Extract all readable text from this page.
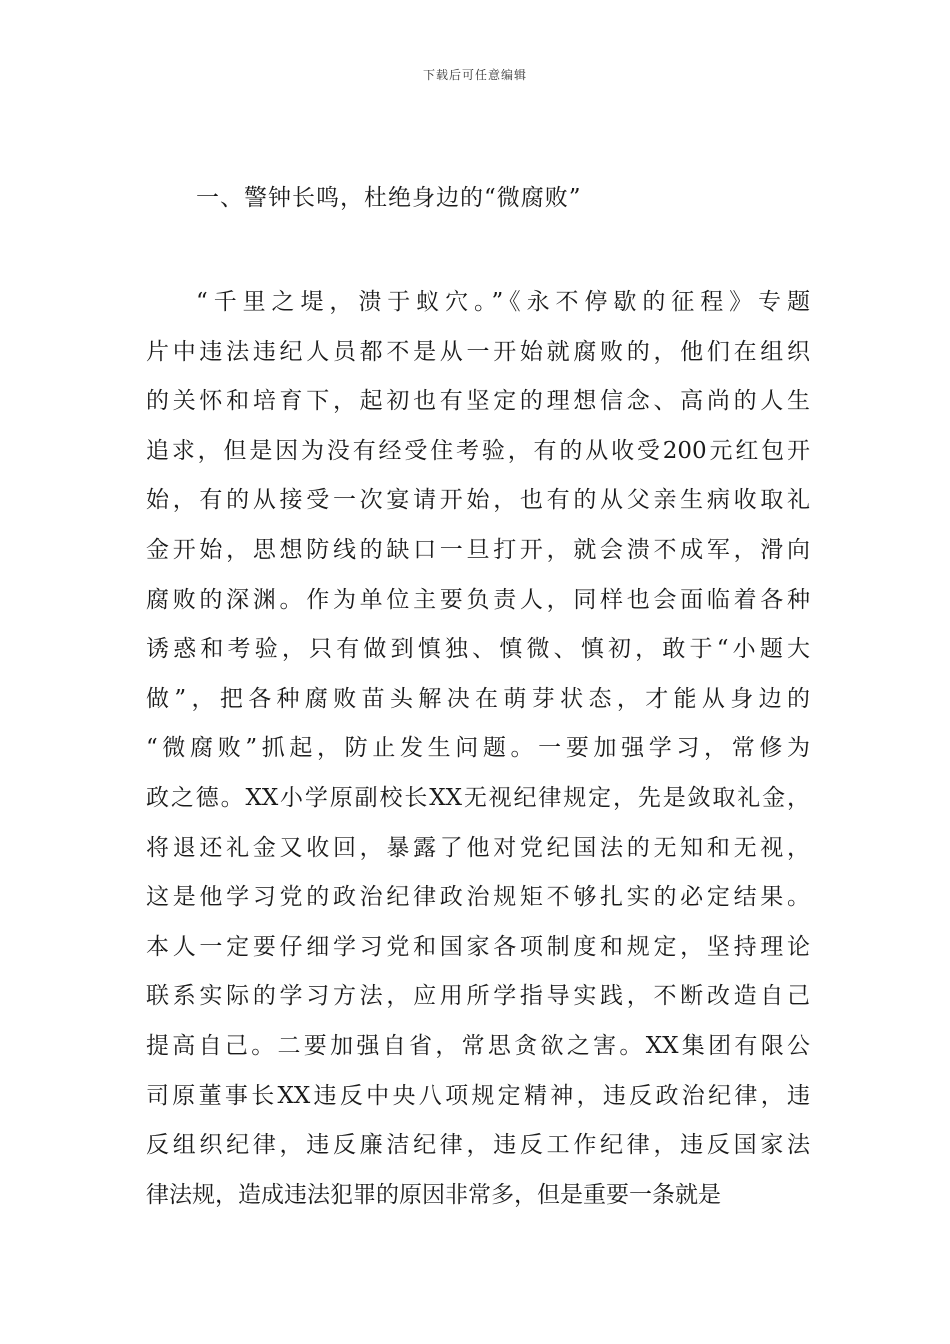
下载后可任意编辑
一、警钟长鸣，杜绝身边的“微腐败”
“千里之堤，溃于蚁穴。”《永不停歇的征程》专题
片中违法违纪人员都不是从一开始就腐败的，他们在组织
的关怀和培育下，起初也有坚定的理想信念、高尚的人生
追求，但是因为没有经受住考验，有的从收受200元红包开
始，有的从接受一次宴请开始，也有的从父亲生病收取礼
金开始，思想防线的缺口一旦打开，就会溃不成军，滑向
腐败的深渊。作为单位主要负责人，同样也会面临着各种
诱惑和考验，只有做到慎独、慎微、慎初，敢于“小题大
做”，把各种腐败苗头解决在萌芽状态，才能从身边的
“微腐败”抓起，防止发生问题。一要加强学习，常修为
政之德。XX小学原副校长XX无视纪律规定，先是敛取礼金，
将退还礼金又收回，暴露了他对党纪国法的无知和无视，
这是他学习党的政治纪律政治规矩不够扎实的必定结果。
本人一定要仔细学习党和国家各项制度和规定，坚持理论
联系实际的学习方法，应用所学指导实践，不断改造自己
提高自己。二要加强自省，常思贪欲之害。XX集团有限公
司原董事长XX违反中央八项规定精神，违反政治纪律，违
反组织纪律，违反廉洁纪律，违反工作纪律，违反国家法
律法规，造成违法犯罪的原因非常多，但是重要一条就是
